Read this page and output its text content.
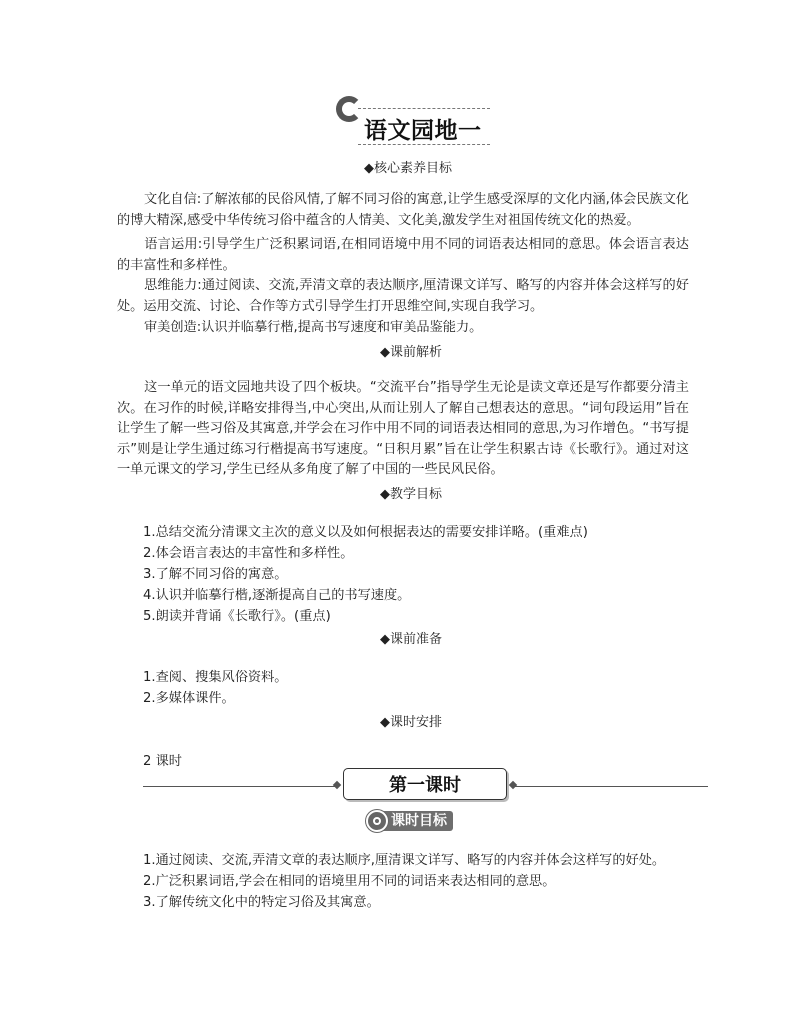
语文园地一
◆核心素养目标
文化自信:了解浓郁的民俗风情,了解不同习俗的寓意,让学生感受深厚的文化内涵,体会民族文化的博大精深,感受中华传统习俗中蕴含的人情美、文化美,激发学生对祖国传统文化的热爱。
语言运用:引导学生广泛积累词语,在相同语境中用不同的词语表达相同的意思。体会语言表达的丰富性和多样性。
思维能力:通过阅读、交流,弄清文章的表达顺序,厘清课文详写、略写的内容并体会这样写的好处。运用交流、讨论、合作等方式引导学生打开思维空间,实现自我学习。
审美创造:认识并临摹行楷,提高书写速度和审美品鉴能力。
◆课前解析
这一单元的语文园地共设了四个板块。“交流平台”指导学生无论是读文章还是写作都要分清主次。在习作的时候,详略安排得当,中心突出,从而让别人了解自己想表达的意思。“词句段运用”旨在让学生了解一些习俗及其寓意,并学会在习作中用不同的词语表达相同的意思,为习作增色。“书写提示”则是让学生通过练习行楷提高书写速度。“日积月累”旨在让学生积累古诗《长歌行》。通过对这一单元课文的学习,学生已经从多角度了解了中国的一些民风民俗。
◆教学目标
1.总结交流分清课文主次的意义以及如何根据表达的需要安排详略。(重难点)
2.体会语言表达的丰富性和多样性。
3.了解不同习俗的寓意。
4.认识并临摹行楷,逐渐提高自己的书写速度。
5.朗读并背诵《长歌行》。(重点)
◆课前准备
1.查阅、搜集风俗资料。
2.多媒体课件。
◆课时安排
2 课时
第一课时
课时目标
1.通过阅读、交流,弄清文章的表达顺序,厘清课文详写、略写的内容并体会这样写的好处。
2.广泛积累词语,学会在相同的语境里用不同的词语来表达相同的意思。
3.了解传统文化中的特定习俗及其寓意。
